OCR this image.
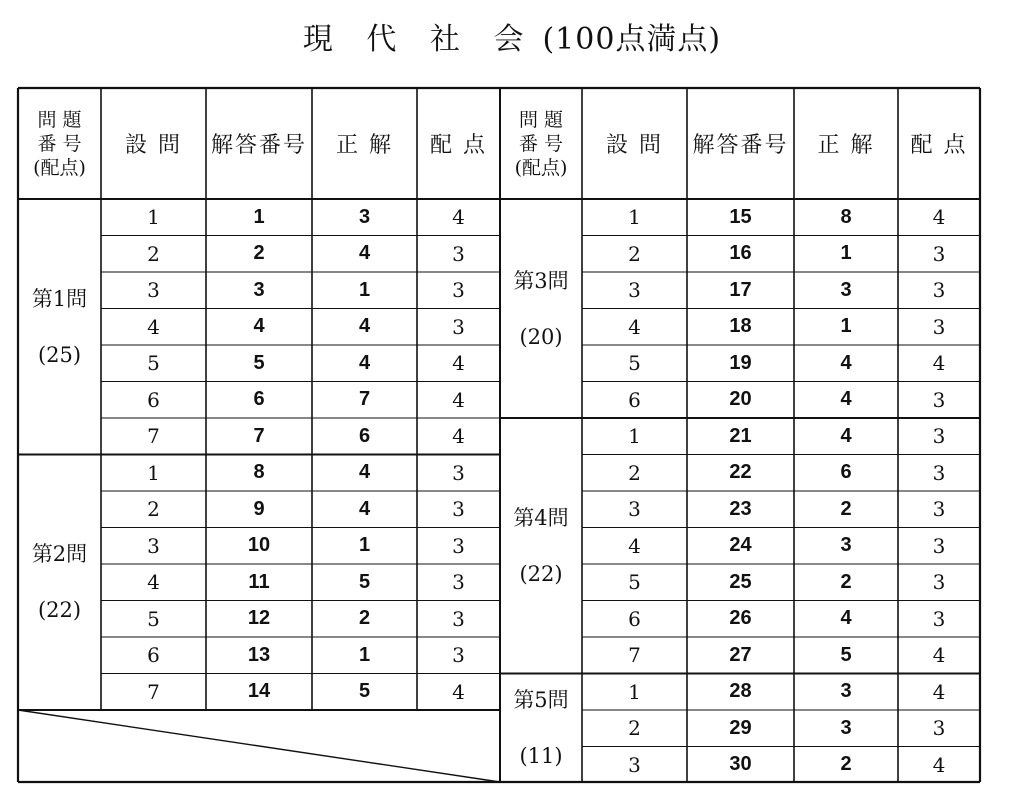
現 代 社 会 (100点満点)
問 題
番 号
(配点)
設 問	解答番号	正 解	配 点
問 題
番 号
(配点)
設 問	解答番号	正 解	配 点
第1問
(25)
1	1	3	4
2	2	4	3
3	3	1	3
4	4	4	3
5	5	4	4
6	6	7	4
7	7	6	4
第2問
(22)
1	8	4	3
2	9	4	3
3	10	1	3
4	11	5	3
5	12	2	3
6	13	1	3
7	14	5	4
第3問
(20)
1	15	8	4
2	16	1	3
3	17	3	3
4	18	1	3
5	19	4	4
6	20	4	3
第4問
(22)
1	21	4	3
2	22	6	3
3	23	2	3
4	24	3	3
5	25	2	3
6	26	4	3
7	27	5	4
第5問
(11)
1	28	3	4
2	29	3	3
3	30	2	4
